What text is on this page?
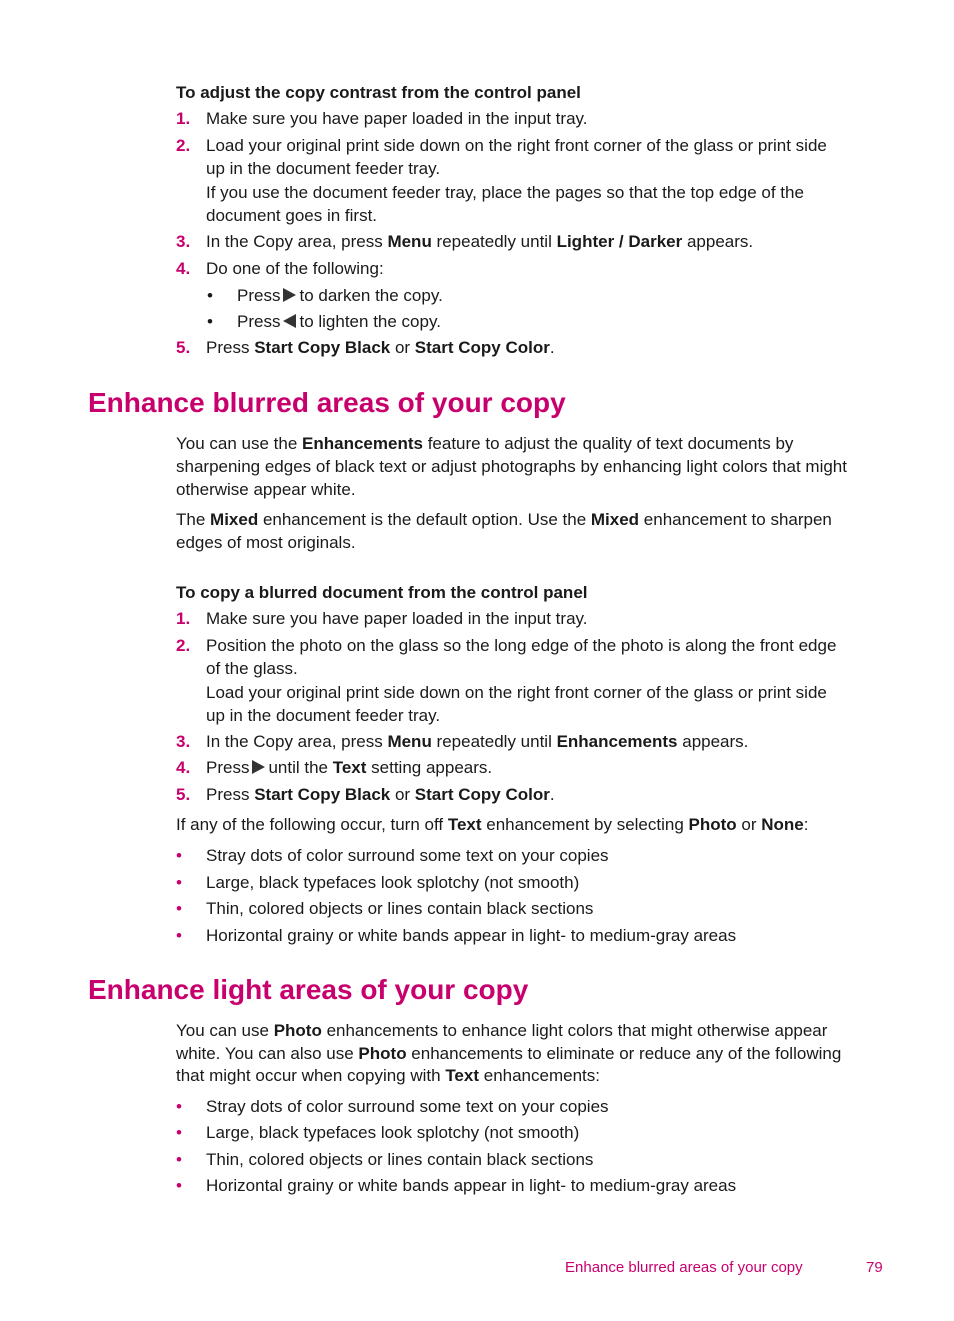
To adjust the copy contrast from the control panel
1. Make sure you have paper loaded in the input tray.
2. Load your original print side down on the right front corner of the glass or print side
up in the document feeder tray.
If you use the document feeder tray, place the pages so that the top edge of the
document goes in first.
3. In the Copy area, press Menu repeatedly until Lighter / Darker appears.
4. Do one of the following:
• Press to darken the copy.
• Press to lighten the copy.
5. Press Start Copy Black or Start Copy Color.
Enhance blurred areas of your copy
You can use the Enhancements feature to adjust the quality of text documents by
sharpening edges of black text or adjust photographs by enhancing light colors that might
otherwise appear white.
The Mixed enhancement is the default option. Use the Mixed enhancement to sharpen
edges of most originals.
To copy a blurred document from the control panel
1. Make sure you have paper loaded in the input tray.
2. Position the photo on the glass so the long edge of the photo is along the front edge
of the glass.
Load your original print side down on the right front corner of the glass or print side
up in the document feeder tray.
3. In the Copy area, press Menu repeatedly until Enhancements appears.
4. Press until the Text setting appears.
5. Press Start Copy Black or Start Copy Color.
If any of the following occur, turn off Text enhancement by selecting Photo or None:
• Stray dots of color surround some text on your copies
• Large, black typefaces look splotchy (not smooth)
• Thin, colored objects or lines contain black sections
• Horizontal grainy or white bands appear in light- to medium-gray areas
Enhance light areas of your copy
You can use Photo enhancements to enhance light colors that might otherwise appear
white. You can also use Photo enhancements to eliminate or reduce any of the following
that might occur when copying with Text enhancements:
• Stray dots of color surround some text on your copies
• Large, black typefaces look splotchy (not smooth)
• Thin, colored objects or lines contain black sections
• Horizontal grainy or white bands appear in light- to medium-gray areas
Enhance blurred areas of your copy	79
